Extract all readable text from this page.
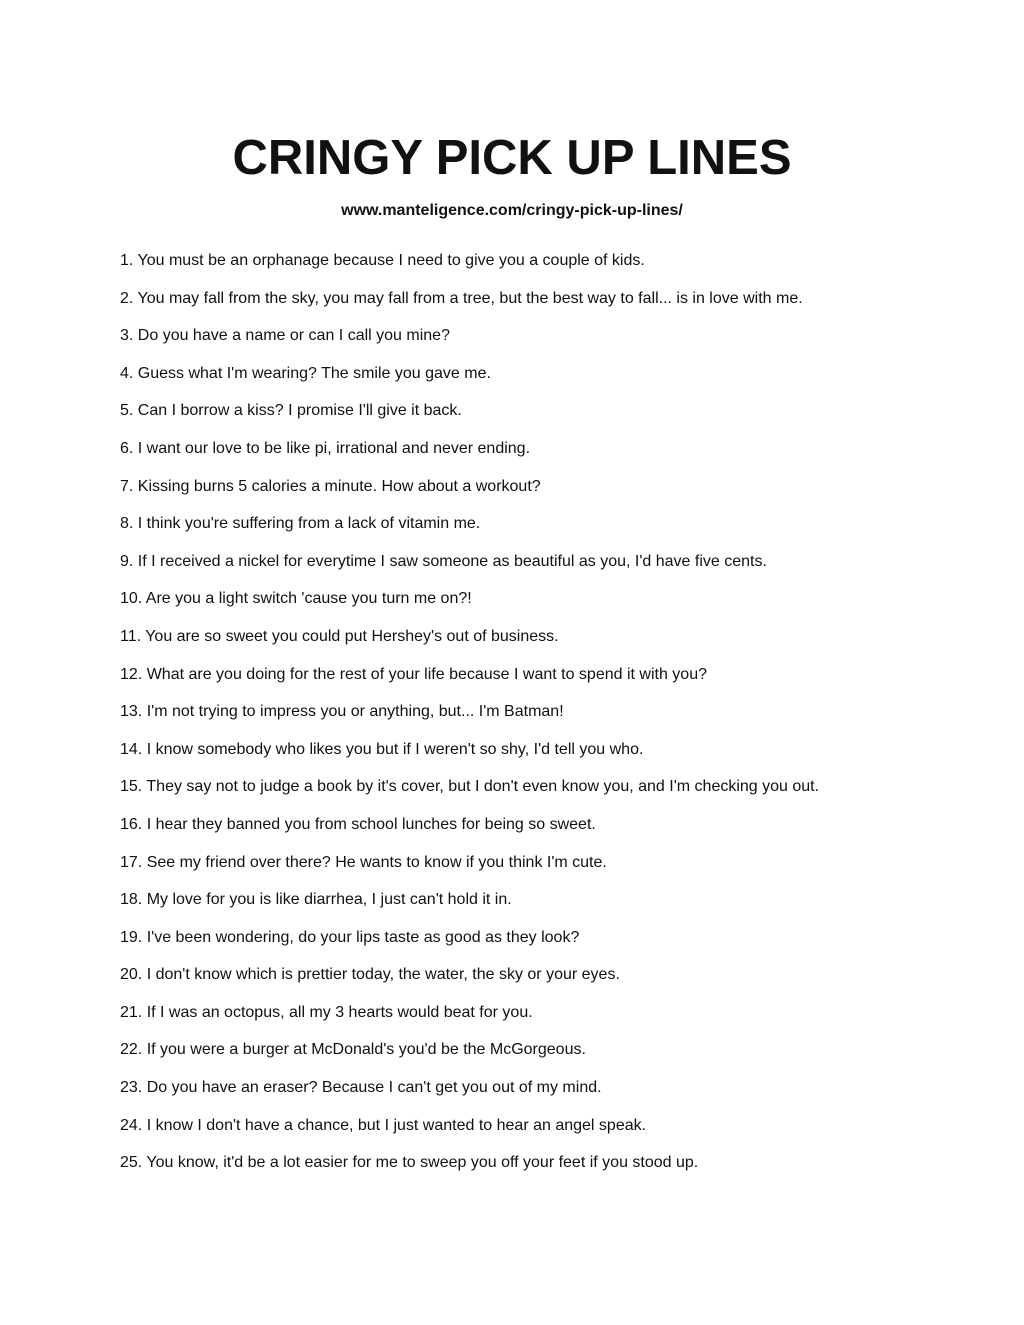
CRINGY PICK UP LINES
www.manteligence.com/cringy-pick-up-lines/
1. You must be an orphanage because I need to give you a couple of kids.
2. You may fall from the sky, you may fall from a tree, but the best way to fall... is in love with me.
3. Do you have a name or can I call you mine?
4. Guess what I'm wearing? The smile you gave me.
5. Can I borrow a kiss? I promise I'll give it back.
6. I want our love to be like pi, irrational and never ending.
7. Kissing burns 5 calories a minute. How about a workout?
8. I think you're suffering from a lack of vitamin me.
9. If I received a nickel for everytime I saw someone as beautiful as you, I'd have five cents.
10. Are you a light switch 'cause you turn me on?!
11. You are so sweet you could put Hershey's out of business.
12. What are you doing for the rest of your life because I want to spend it with you?
13. I'm not trying to impress you or anything, but... I'm Batman!
14. I know somebody who likes you but if I weren't so shy, I'd tell you who.
15. They say not to judge a book by it's cover, but I don't even know you, and I'm checking you out.
16. I hear they banned you from school lunches for being so sweet.
17. See my friend over there? He wants to know if you think I'm cute.
18. My love for you is like diarrhea, I just can't hold it in.
19. I've been wondering, do your lips taste as good as they look?
20. I don't know which is prettier today, the water, the sky or your eyes.
21. If I was an octopus, all my 3 hearts would beat for you.
22. If you were a burger at McDonald's you'd be the McGorgeous.
23. Do you have an eraser? Because I can't get you out of my mind.
24. I know I don't have a chance, but I just wanted to hear an angel speak.
25. You know, it'd be a lot easier for me to sweep you off your feet if you stood up.
